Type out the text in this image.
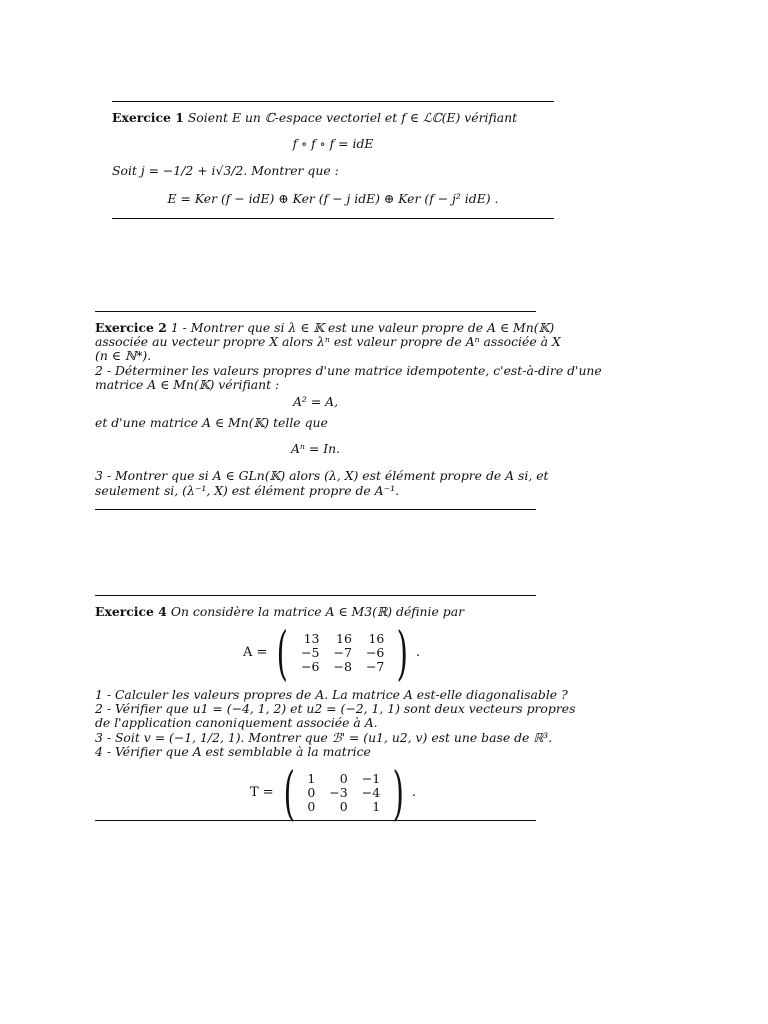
Exercice 1 Soient E un ℂ-espace vectoriel et f ∈ ℒℂ(E) vérifiant
f ∘ f ∘ f = idE
Soit j = −1/2 + i√3/2. Montrer que :
E = Ker (f − idE) ⊕ Ker (f − j idE) ⊕ Ker (f − j² idE) .
Exercice 2 1 - Montrer que si λ ∈ 𝕂 est une valeur propre de A ∈ Mn(𝕂)
associée au vecteur propre X alors λⁿ est valeur propre de Aⁿ associée à X
(n ∈ ℕ*).
2 - Déterminer les valeurs propres d'une matrice idempotente, c'est-à-dire d'une
matrice A ∈ Mn(𝕂) vérifiant :
A² = A,
et d'une matrice A ∈ Mn(𝕂) telle que
Aⁿ = In.
3 - Montrer que si A ∈ GLn(𝕂) alors (λ, X) est élément propre de A si, et
seulement si, (λ⁻¹, X) est élément propre de A⁻¹.
Exercice 4 On considère la matrice A ∈ M3(ℝ) définie par
A = ( 13	16	16
−5	−7	−6
−6	−8	−7 ) .
1 - Calculer les valeurs propres de A. La matrice A est-elle diagonalisable ?
2 - Vérifier que u1 = (−4, 1, 2) et u2 = (−2, 1, 1) sont deux vecteurs propres
de l'application canoniquement associée à A.
3 - Soit v = (−1, 1/2, 1). Montrer que ℬ' = (u1, u2, v) est une base de ℝ³.
4 - Vérifier que A est semblable à la matrice
T = ( 1	0	−1
0	−3	−4
0	0	1 ) .
